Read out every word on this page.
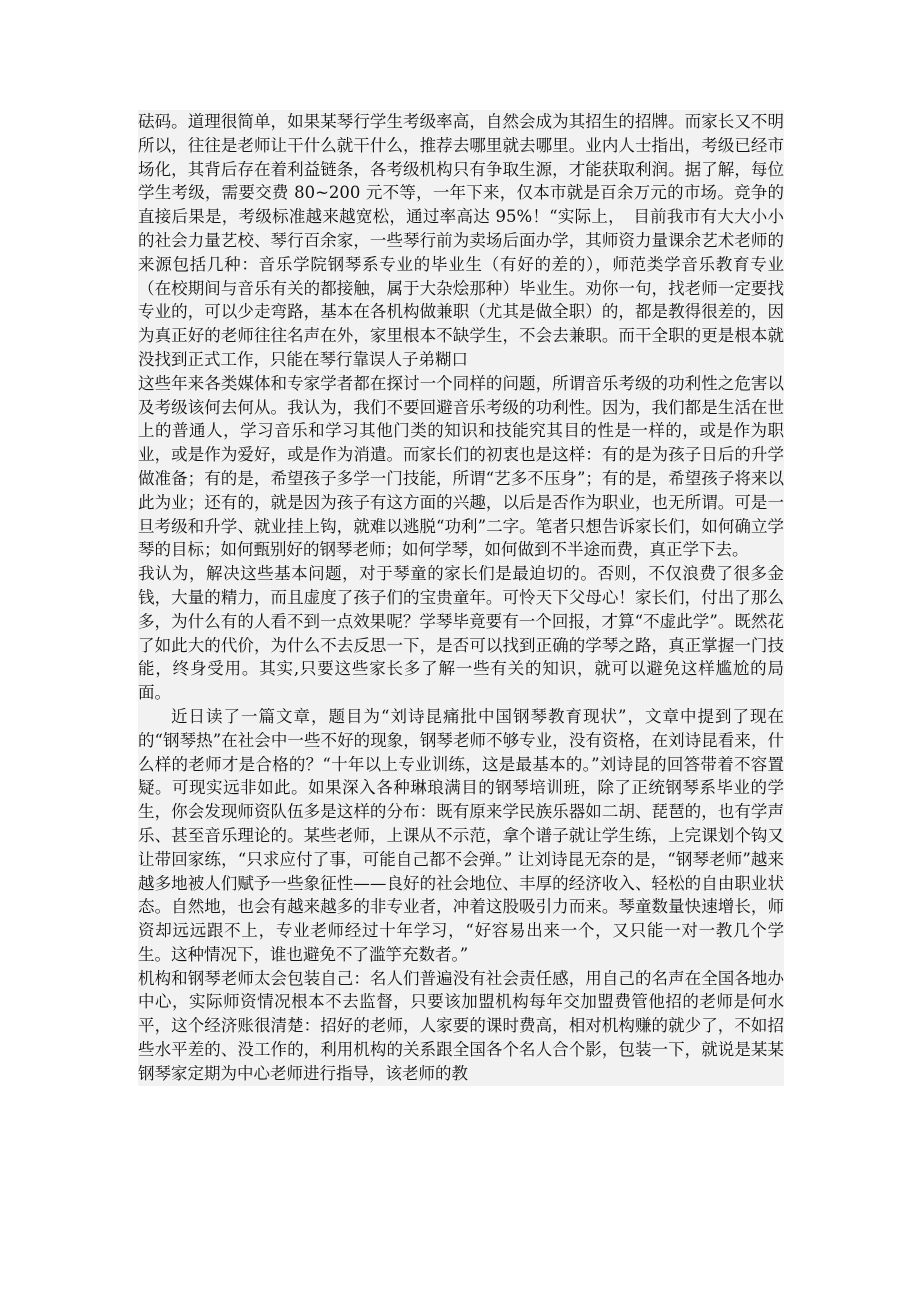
砝码。道理很简单，如果某琴行学生考级率高，自然会成为其招生的招牌。而家长又不明所以，往往是老师让干什么就干什么，推荐去哪里就去哪里。业内人士指出，考级已经市场化，其背后存在着利益链条，各考级机构只有争取生源，才能获取利润。据了解，每位学生考级，需要交费 80~200 元不等，一年下来，仅本市就是百余万元的市场。竞争的直接后果是，考级标准越来越宽松，通过率高达 95%！“实际上，　目前我市有大大小小的社会力量艺校、琴行百余家，一些琴行前为卖场后面办学，其师资力量课余艺术老师的来源包括几种：音乐学院钢琴系专业的毕业生（有好的差的），师范类学音乐教育专业（在校期间与音乐有关的都接触，属于大杂烩那种）毕业生。劝你一句，找老师一定要找专业的，可以少走弯路，基本在各机构做兼职（尤其是做全职）的，都是教得很差的，因为真正好的老师往往名声在外，家里根本不缺学生，不会去兼职。而干全职的更是根本就没找到正式工作，只能在琴行靠误人子弟糊口

这些年来各类媒体和专家学者都在探讨一个同样的问题，所谓音乐考级的功利性之危害以及考级该何去何从。我认为，我们不要回避音乐考级的功利性。因为，我们都是生活在世上的普通人，学习音乐和学习其他门类的知识和技能究其目的性是一样的，或是作为职业，或是作为爱好，或是作为消遣。而家长们的初衷也是这样：有的是为孩子日后的升学做准备；有的是，希望孩子多学一门技能，所谓“艺多不压身”；有的是，希望孩子将来以此为业；还有的，就是因为孩子有这方面的兴趣，以后是否作为职业，也无所谓。可是一旦考级和升学、就业挂上钩，就难以逃脱“功利”二字。笔者只想告诉家长们，如何确立学琴的目标；如何甄别好的钢琴老师；如何学琴，如何做到不半途而费，真正学下去。

我认为，解决这些基本问题，对于琴童的家长们是最迫切的。否则，不仅浪费了很多金钱，大量的精力，而且虚度了孩子们的宝贵童年。可怜天下父母心！家长们，付出了那么多，为什么有的人看不到一点效果呢？学琴毕竟要有一个回报，才算“不虚此学”。既然花了如此大的代价，为什么不去反思一下，是否可以找到正确的学琴之路，真正掌握一门技能，终身受用。其实,只要这些家长多了解一些有关的知识，就可以避免这样尴尬的局面。

近日读了一篇文章，题目为“刘诗昆痛批中国钢琴教育现状”，文章中提到了现在的“钢琴热”在社会中一些不好的现象，钢琴老师不够专业，没有资格，在刘诗昆看来，什么样的老师才是合格的？“十年以上专业训练，这是最基本的。”刘诗昆的回答带着不容置疑。可现实远非如此。如果深入各种琳琅满目的钢琴培训班，除了正统钢琴系毕业的学生，你会发现师资队伍多是这样的分布：既有原来学民族乐器如二胡、琵琶的，也有学声乐、甚至音乐理论的。某些老师，上课从不示范，拿个谱子就让学生练，上完课划个钩又让带回家练，“只求应付了事，可能自己都不会弹。” 让刘诗昆无奈的是，“钢琴老师”越来越多地被人们赋予一些象征性——良好的社会地位、丰厚的经济收入、轻松的自由职业状态。自然地，也会有越来越多的非专业者，冲着这股吸引力而来。琴童数量快速增长，师资却远远跟不上，专业老师经过十年学习，“好容易出来一个，又只能一对一教几个学生。这种情况下，谁也避免不了滥竽充数者。”

机构和钢琴老师太会包装自己：名人们普遍没有社会责任感，用自己的名声在全国各地办中心，实际师资情况根本不去监督，只要该加盟机构每年交加盟费管他招的老师是何水平，这个经济账很清楚：招好的老师，人家要的课时费高，相对机构赚的就少了，不如招些水平差的、没工作的，利用机构的关系跟全国各个名人合个影，包装一下，就说是某某钢琴家定期为中心老师进行指导，该老师的教
